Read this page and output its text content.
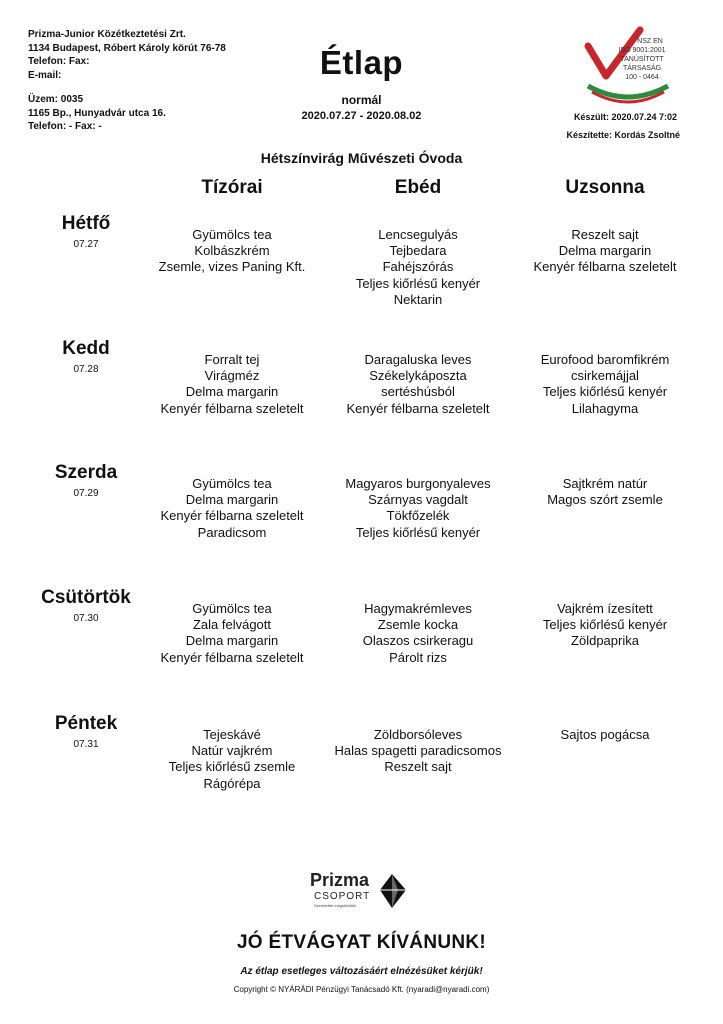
Prizma-Junior Közétkeztetési Zrt.
1134 Budapest, Róbert Károly körút 76-78
Telefon: Fax:
E-mail:
Üzem: 0035
1165 Bp., Hunyadvár utca 16.
Telefon: - Fax: -
Étlap
normál
2020.07.27 - 2020.08.02
NSZ EN
ISO 9001:2001
TANÚSÍTOTT
TÁRSASÁG
100 - 0464
Készült: 2020.07.24 7:02
Készítette: Kordás Zsoltné
Hétszínvirág Művészeti Óvoda
Tízórai	Ebéd	Uzsonna
Hétfő
07.27
Gyümölcs tea
Kolbászkrém
Zsemle, vizes Paning Kft.
Lencsegulyás
Tejbedara
Fahéjszórás
Teljes kiőrlésű kenyér
Nektarin
Reszelt sajt
Delma margarin
Kenyér félbarna szeletelt
Kedd
07.28
Forralt tej
Virágméz
Delma margarin
Kenyér félbarna szeletelt
Daragaluska leves
Székelykáposzta
sertéshúsból
Kenyér félbarna szeletelt
Eurofood baromfikrém
csirkemájjal
Teljes kiőrlésű kenyér
Lilahagyma
Szerda
07.29
Gyümölcs tea
Delma margarin
Kenyér félbarna szeletelt
Paradicsom
Magyaros burgonyaleves
Szárnyas vagdalt
Tökfőzelék
Teljes kiőrlésű kenyér
Sajtkrém natúr
Magos szórt zsemle
Csütörtök
07.30
Gyümölcs tea
Zala felvágott
Delma margarin
Kenyér félbarna szeletelt
Hagymakrémleves
Zsemle kocka
Olaszos csirkeragu
Párolt rizs
Vajkrém ízesített
Teljes kiőrlésű kenyér
Zöldpaprika
Péntek
07.31
Tejeskávé
Natúr vajkrém
Teljes kiőrlésű zsemle
Rágórépa
Zöldborsóleves
Halas spagetti paradicsomos
Reszelt sajt
Sajtos pogácsa
Prizma
CSOPORT
Szeretettel megsütöttük
JÓ ÉTVÁGYAT KÍVÁNUNK!
Az étlap esetleges változásáért elnézésüket kérjük!
Copyright © NYÁRÁDI Pénzügyi Tanácsadó Kft. (nyaradi@nyaradi.com)
